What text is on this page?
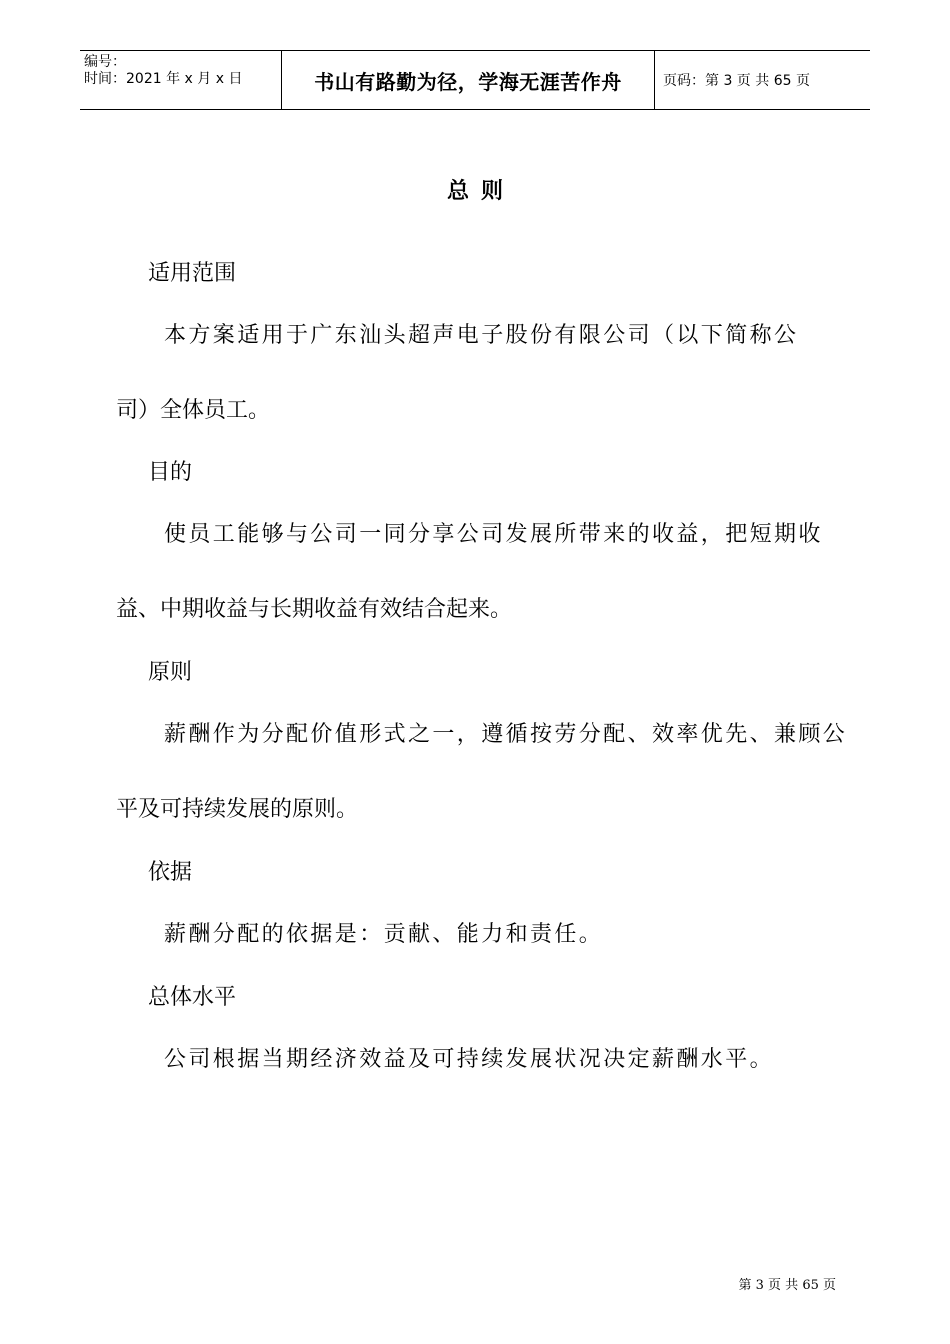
编号：
时间：2021 年 x 月 x 日	书山有路勤为径，学海无涯苦作舟	页码：第 3 页 共 65 页
总则
适用范围
本方案适用于广东汕头超声电子股份有限公司（以下简称公
司）全体员工。
目的
使员工能够与公司一同分享公司发展所带来的收益，把短期收
益、中期收益与长期收益有效结合起来。
原则
薪酬作为分配价值形式之一，遵循按劳分配、效率优先、兼顾公
平及可持续发展的原则。
依据
薪酬分配的依据是：贡献、能力和责任。
总体水平
公司根据当期经济效益及可持续发展状况决定薪酬水平。
第 3 页 共 65 页
